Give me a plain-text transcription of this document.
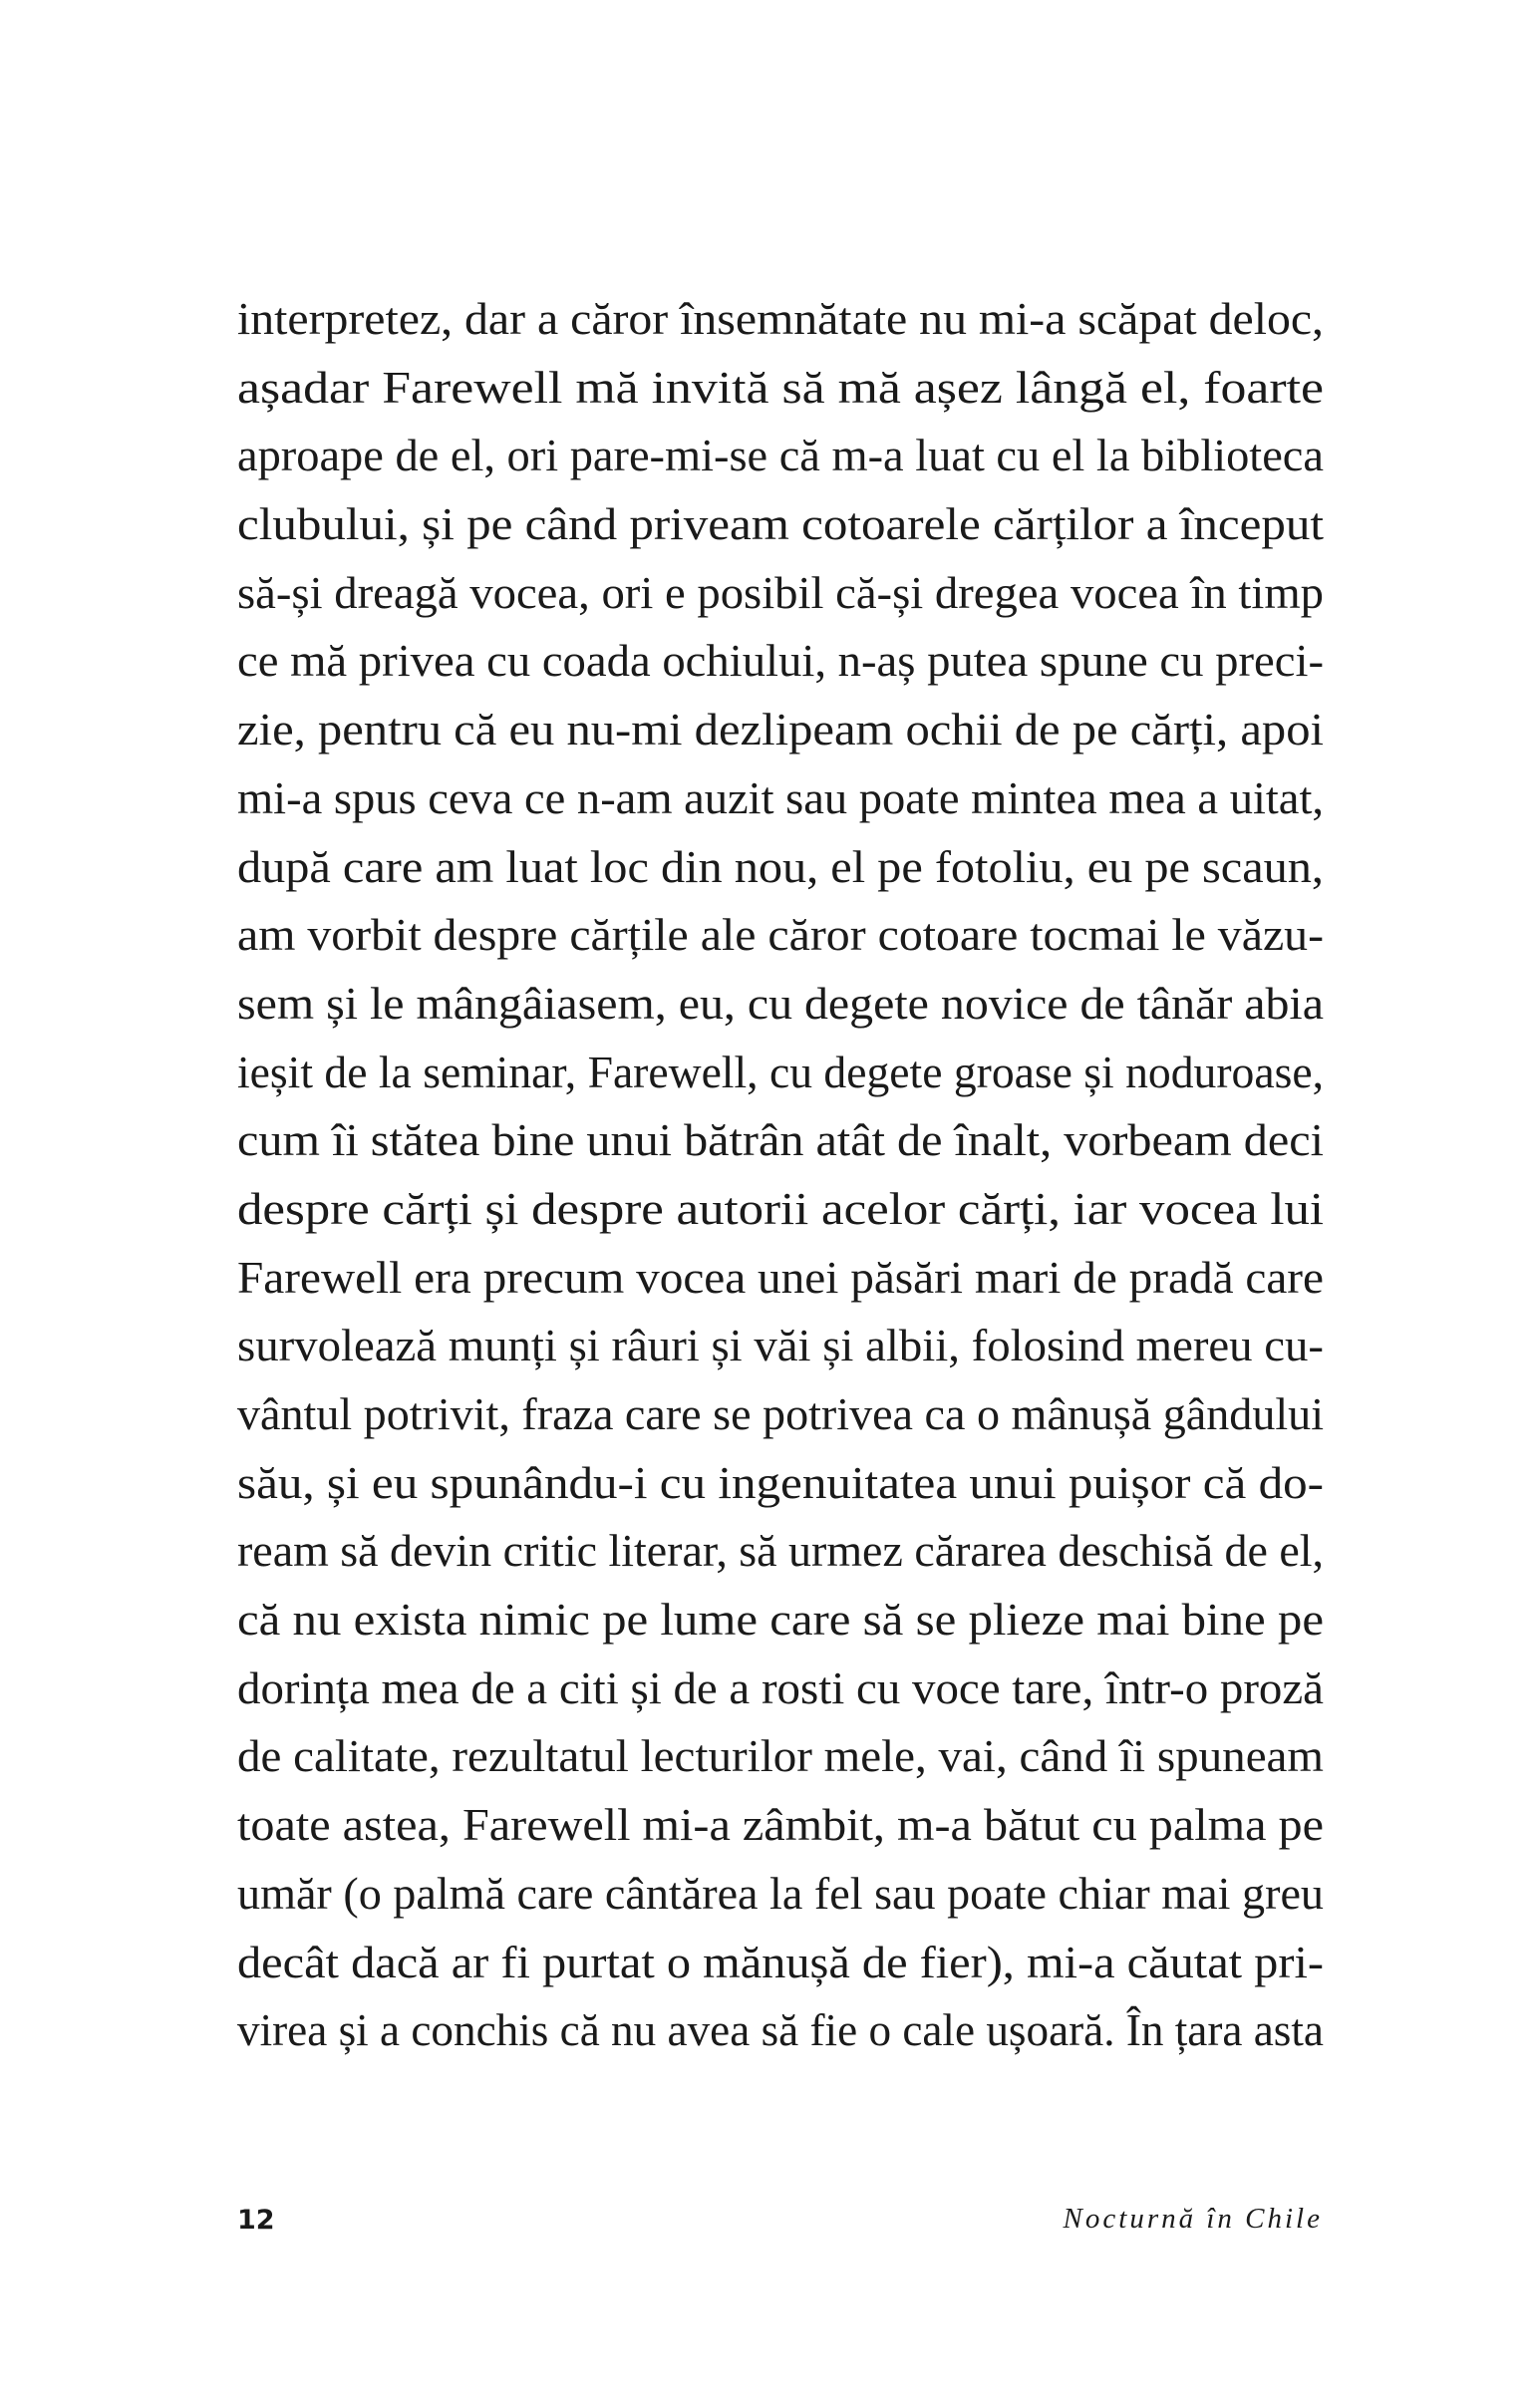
interpretez, dar a căror însemnătate nu mi-a scăpat deloc,
așadar Farewell mă invită să mă așez lângă el, foarte
aproape de el, ori pare-mi-se că m-a luat cu el la biblioteca
clubului, și pe când priveam cotoarele cărților a început
să-și dreagă vocea, ori e posibil că-și dregea vocea în timp
ce mă privea cu coada ochiului, n-aș putea spune cu preci-
zie, pentru că eu nu-mi dezlipeam ochii de pe cărți, apoi
mi-a spus ceva ce n-am auzit sau poate mintea mea a uitat,
după care am luat loc din nou, el pe fotoliu, eu pe scaun,
am vorbit despre cărțile ale căror cotoare tocmai le văzu-
sem și le mângâiasem, eu, cu degete novice de tânăr abia
ieșit de la seminar, Farewell, cu degete groase și noduroase,
cum îi stătea bine unui bătrân atât de înalt, vorbeam deci
despre cărți și despre autorii acelor cărți, iar vocea lui
Farewell era precum vocea unei păsări mari de pradă care
survolează munți și râuri și văi și albii, folosind mereu cu-
vântul potrivit, fraza care se potrivea ca o mânușă gândului
său, și eu spunându-i cu ingenuitatea unui puișor că do-
ream să devin critic literar, să urmez cărarea deschisă de el,
că nu exista nimic pe lume care să se plieze mai bine pe
dorința mea de a citi și de a rosti cu voce tare, într-o proză
de calitate, rezultatul lecturilor mele, vai, când îi spuneam
toate astea, Farewell mi-a zâmbit, m-a bătut cu palma pe
umăr (o palmă care cântărea la fel sau poate chiar mai greu
decât dacă ar fi purtat o mănușă de fier), mi-a căutat pri-
virea și a conchis că nu avea să fie o cale ușoară. În țara asta
12	Nocturnă în Chile
